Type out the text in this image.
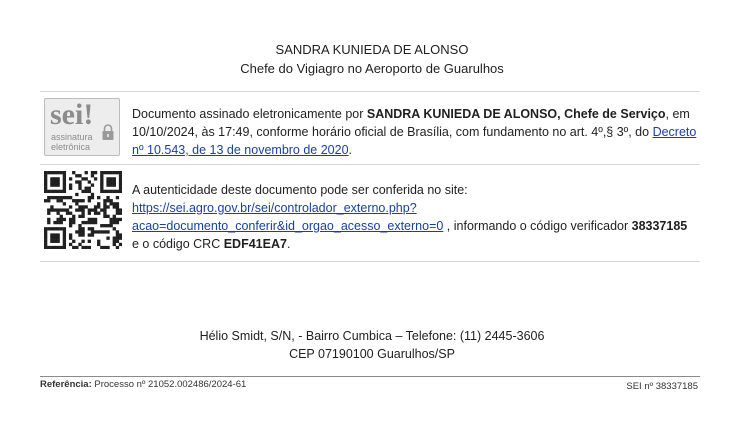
SANDRA KUNIEDA DE ALONSO
Chefe do Vigiagro no Aeroporto de Guarulhos
sei!
assinatura
eletrônica
Documento assinado eletronicamente por SANDRA KUNIEDA DE ALONSO, Chefe de Serviço, em 10/10/2024, às 17:49, conforme horário oficial de Brasília, com fundamento no art. 4º,§ 3º, do Decreto nº 10.543, de 13 de novembro de 2020.
A autenticidade deste documento pode ser conferida no site:
https://sei.agro.gov.br/sei/controlador_externo.php?
acao=documento_conferir&id_orgao_acesso_externo=0 , informando o código verificador 38337185
e o código CRC EDF41EA7.
Hélio Smidt, S/N, - Bairro Cumbica – Telefone: (11) 2445-3606
CEP 07190100 Guarulhos/SP
Referência: Processo nº 21052.002486/2024-61	SEI nº 38337185
